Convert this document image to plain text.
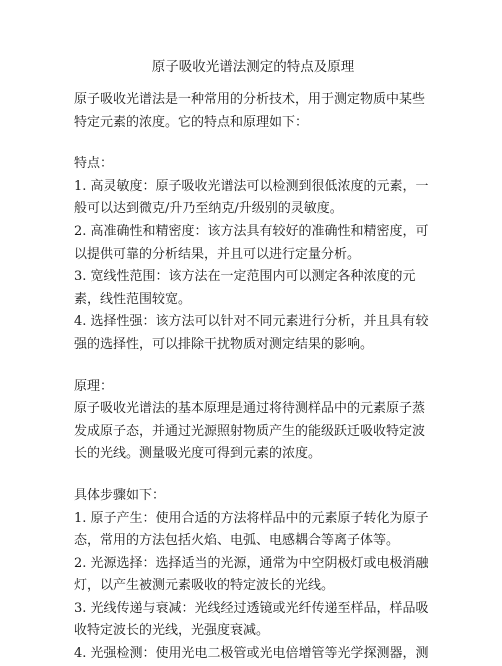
原子吸收光谱法测定的特点及原理

原子吸收光谱法是一种常用的分析技术，用于测定物质中某些特定元素的浓度。它的特点和原理如下：

特点：

1. 高灵敏度：原子吸收光谱法可以检测到很低浓度的元素，一般可以达到微克/升乃至纳克/升级别的灵敏度。

2. 高准确性和精密度：该方法具有较好的准确性和精密度，可以提供可靠的分析结果，并且可以进行定量分析。

3. 宽线性范围：该方法在一定范围内可以测定各种浓度的元素，线性范围较宽。

4. 选择性强：该方法可以针对不同元素进行分析，并且具有较强的选择性，可以排除干扰物质对测定结果的影响。

原理：

原子吸收光谱法的基本原理是通过将待测样品中的元素原子蒸发成原子态，并通过光源照射物质产生的能级跃迁吸收特定波长的光线。测量吸光度可得到元素的浓度。

具体步骤如下：

1. 原子产生：使用合适的方法将样品中的元素原子转化为原子态，常用的方法包括火焰、电弧、电感耦合等离子体等。

2. 光源选择：选择适当的光源，通常为中空阴极灯或电极消融灯，以产生被测元素吸收的特定波长的光线。

3. 光线传递与衰减：光线经过透镜或光纤传递至样品，样品吸收特定波长的光线，光强度衰减。

4. 光强检测：使用光电二极管或光电倍增管等光学探测器，测
